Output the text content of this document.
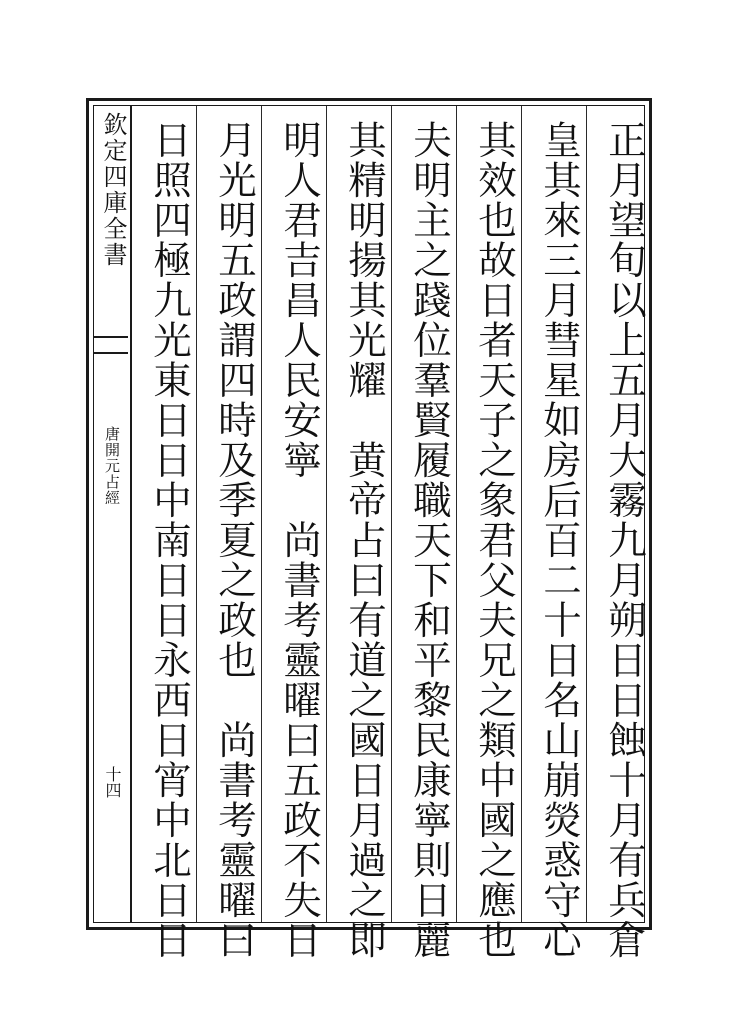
欽定四庫全書
唐開元占經
十四	正月望旬以上五月大霧九月朔日日蝕十月有兵倉
皇其來三月彗星如房后百二十日名山崩熒惑守心
其效也故日者天子之象君父夫兄之類中國之應也
夫明主之踐位羣賢履職天下和平黎民康寧則日麗
其精明揚其光耀　黄帝占曰有道之國日月過之即
明人君吉昌人民安寧　尚書考靈曜曰五政不失日
月光明五政謂四時及季夏之政也　尚書考靈曜曰
日照四極九光東日日中南日日永西日宵中北日日
